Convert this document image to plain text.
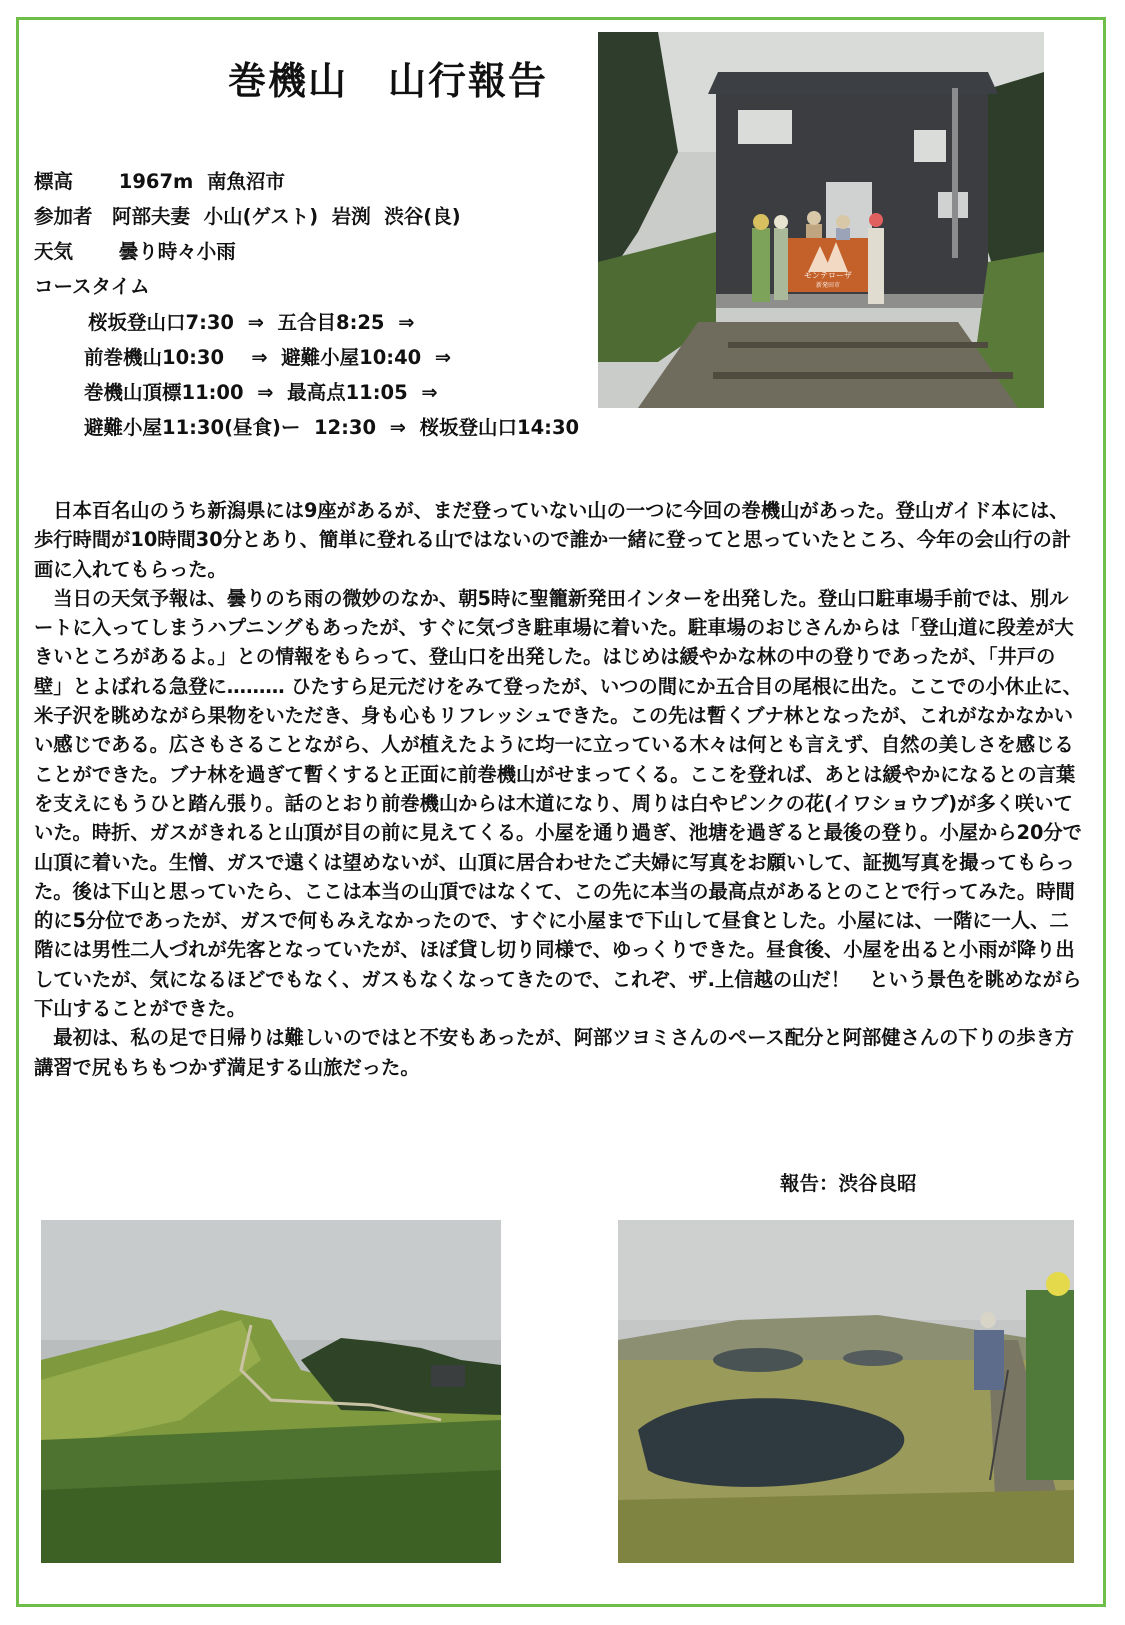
巻機山 山行報告
標高　　 1967m  南魚沼市
参加者　阿部夫妻  小山(ゲスト)  岩渕  渋谷(良)
天気　　 曇り時々小雨
コースタイム
桜坂登山口7:30  ⇒  五合目8:25  ⇒
前巻機山10:30    ⇒  避難小屋10:40  ⇒
巻機山頂標11:00  ⇒  最高点11:05  ⇒
避難小屋11:30(昼食)ー  12:30  ⇒  桜坂登山口14:30
モンテローザ
新発田市

日本百名山のうち新潟県には9座があるが、まだ登っていない山の一つに今回の巻機山があった。登山ガイド本には、歩行時間が10時間30分とあり、簡単に登れる山ではないので誰か一緒に登ってと思っていたところ、今年の会山行の計画に入れてもらった。

当日の天気予報は、曇りのち雨の微妙のなか、朝5時に聖籠新発田インターを出発した。登山口駐車場手前では、別ルートに入ってしまうハプニングもあったが、すぐに気づき駐車場に着いた。駐車場のおじさんからは「登山道に段差が大きいところがあるよ。」との情報をもらって、登山口を出発した。はじめは緩やかな林の中の登りであったが、「井戸の壁」とよばれる急登に……… ひたすら足元だけをみて登ったが、いつの間にか五合目の尾根に出た。ここでの小休止に、米子沢を眺めながら果物をいただき、身も心もリフレッシュできた。この先は暫くブナ林となったが、これがなかなかいい感じである。広さもさることながら、人が植えたように均一に立っている木々は何とも言えず、自然の美しさを感じることができた。ブナ林を過ぎて暫くすると正面に前巻機山がせまってくる。ここを登れば、あとは緩やかになるとの言葉を支えにもうひと踏ん張り。話のとおり前巻機山からは木道になり、周りは白やピンクの花(イワショウブ)が多く咲いていた。時折、ガスがきれると山頂が目の前に見えてくる。小屋を通り過ぎ、池塘を過ぎると最後の登り。小屋から20分で山頂に着いた。生憎、ガスで遠くは望めないが、山頂に居合わせたご夫婦に写真をお願いして、証拠写真を撮ってもらった。後は下山と思っていたら、ここは本当の山頂ではなくて、この先に本当の最高点があるとのことで行ってみた。時間的に5分位であったが、ガスで何もみえなかったので、すぐに小屋まで下山して昼食とした。小屋には、一階に一人、二階には男性二人づれが先客となっていたが、ほぼ貸し切り同様で、ゆっくりできた。昼食後、小屋を出ると小雨が降り出していたが、気になるほどでもなく、ガスもなくなってきたので、これぞ、ザ.上信越の山だ！　という景色を眺めながら下山することができた。

最初は、私の足で日帰りは難しいのではと不安もあったが、阿部ツヨミさんのペース配分と阿部健さんの下りの歩き方講習で尻もちもつかず満足する山旅だった。

報告：渋谷良昭
